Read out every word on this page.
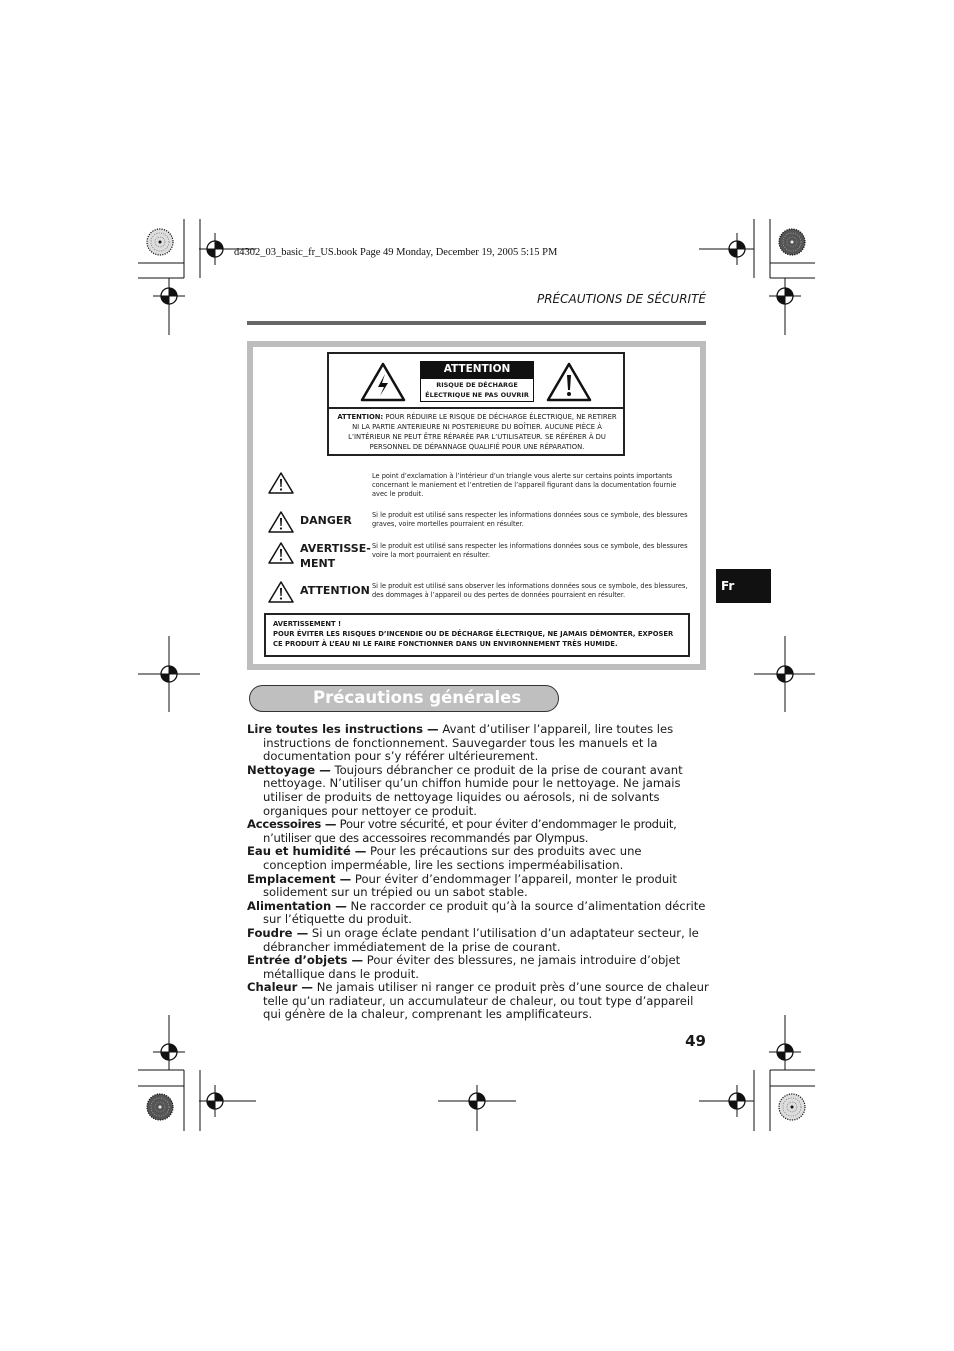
d4302_03_basic_fr_US.book Page 49 Monday, December 19, 2005 5:15 PM
PRÉCAUTIONS DE SÉCURITÉ
Fr
ATTENTION
RISQUE DE DÉCHARGE
ÉLECTRIQUE NE PAS OUVRIR
ATTENTION: POUR RÉDUIRE LE RISQUE DE DÉCHARGE ÉLECTRIQUE, NE RETIRER NI LA PARTIE ANTERIEURE NI POSTERIEURE DU BOÎTIER. AUCUNE PIÈCE À L’INTÉRIEUR NE PEUT ÊTRE RÉPARÉE PAR L’UTILISATEUR. SE RÉFÉRER À DU PERSONNEL DE DÉPANNAGE QUALIFIÉ POUR UNE RÉPARATION.
Le point d’exclamation à l’intérieur d’un triangle vous alerte sur certains points importants concernant le maniement et l’entretien de l’appareil figurant dans la documentation fournie avec le produit.
DANGER	Si le produit est utilisé sans respecter les informations données sous ce symbole, des blessures graves, voire mortelles pourraient en résulter.
AVERTISSE-
MENT
Si le produit est utilisé sans respecter les informations données sous ce symbole, des blessures voire la mort pourraient en résulter.
ATTENTION Si le produit est utilisé sans observer les informations données sous ce symbole, des blessures, des dommages à l’appareil ou des pertes de données pourraient en résulter.
AVERTISSEMENT !
POUR ÉVITER LES RISQUES D’INCENDIE OU DE DÉCHARGE ÉLECTRIQUE, NE JAMAIS DÉMONTER, EXPOSER CE PRODUIT À L’EAU NI LE FAIRE FONCTIONNER DANS UN ENVIRONNEMENT TRÈS HUMIDE.
Précautions générales

Lire toutes les instructions — Avant d’utiliser l’appareil, lire toutes les instructions de fonctionnement. Sauvegarder tous les manuels et la documentation pour s’y référer ultérieurement.

Nettoyage — Toujours débrancher ce produit de la prise de courant avant nettoyage. N’utiliser qu’un chiffon humide pour le nettoyage. Ne jamais utiliser de produits de nettoyage liquides ou aérosols, ni de solvants organiques pour nettoyer ce produit.

Accessoires — Pour votre sécurité, et pour éviter d’endommager le produit, n’utiliser que des accessoires recommandés par Olympus.

Eau et humidité — Pour les précautions sur des produits avec une conception imperméable, lire les sections imperméabilisation.

Emplacement — Pour éviter d’endommager l’appareil, monter le produit solidement sur un trépied ou un sabot stable.

Alimentation — Ne raccorder ce produit qu’à la source d’alimentation décrite sur l’étiquette du produit.

Foudre — Si un orage éclate pendant l’utilisation d’un adaptateur secteur, le débrancher immédiatement de la prise de courant.

Entrée d’objets — Pour éviter des blessures, ne jamais introduire d’objet métallique dans le produit.

Chaleur — Ne jamais utiliser ni ranger ce produit près d’une source de chaleur telle qu’un radiateur, un accumulateur de chaleur, ou tout type d’appareil qui génère de la chaleur, comprenant les amplificateurs.

49
